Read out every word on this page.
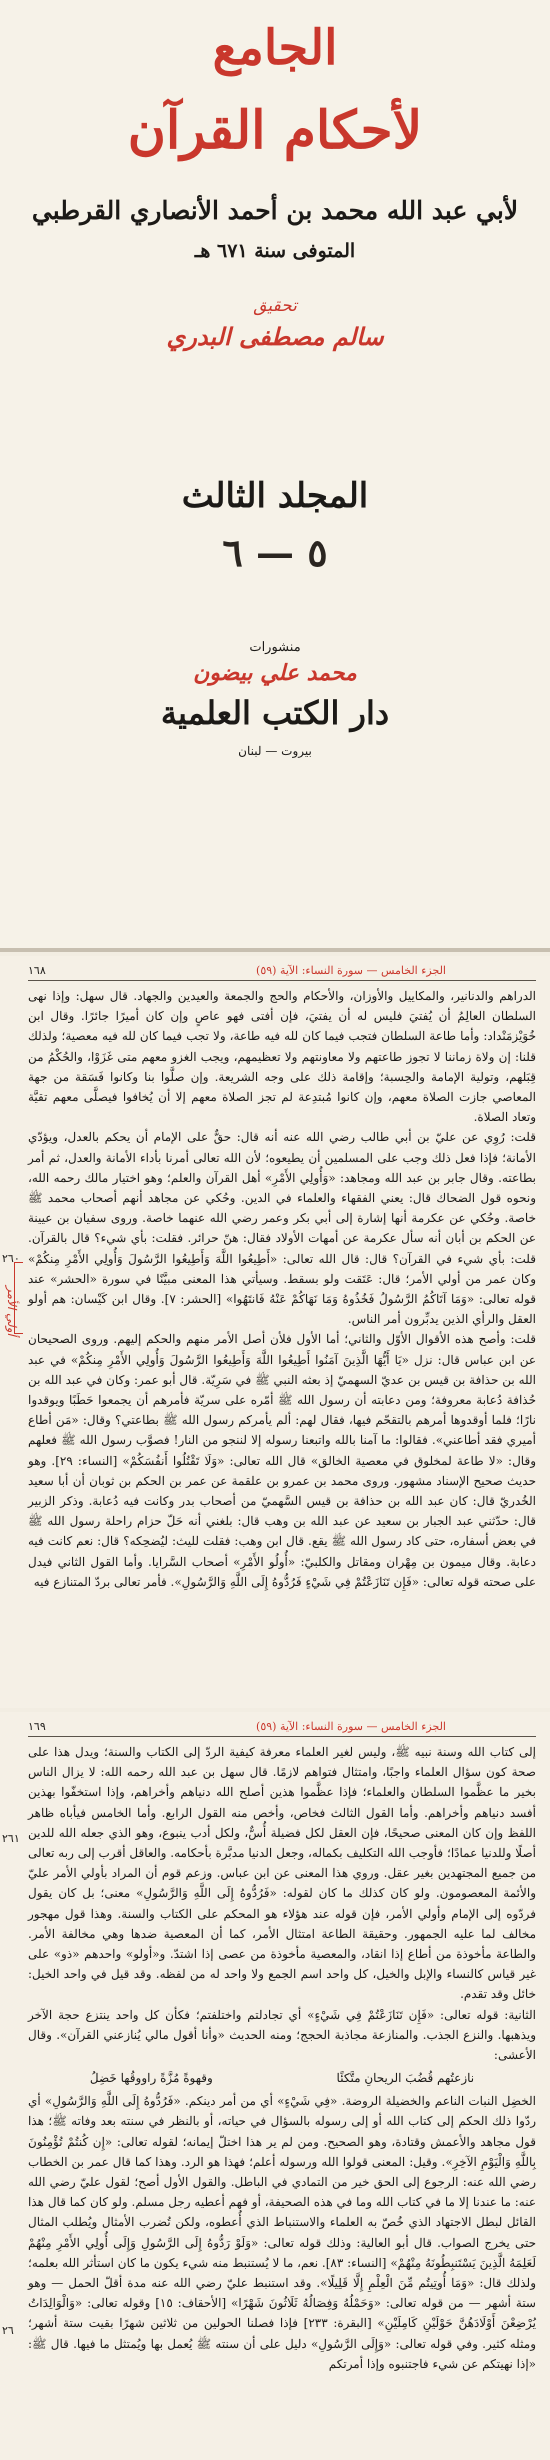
الجامع
لأحكام القرآن
لأبي عبد الله محمد بن أحمد الأنصاري القرطبي
المتوفى سنة ٦٧١ هـ
تحقيق
سالم مصطفى البدري
المجلد الثالث
٥ — ٦
منشورات
محمد علي بيضون
دار الكتب العلمية
بيروت — لبنان
الجزء الخامس — سورة النساء: الآية (٥٩)
١٦٨
٢٦٠
أولي الأمر

الدراهم والدنانير، والمكاييل والأوزان، والأحكام والحج والجمعة والعيدين والجهاد. قال سهل: وإذا نهى السلطان العالِمُ أن يُفتيَ فليس له أن يفتيَ، فإن أفتى فهو عاصٍ وإن كان أميرًا جائرًا. وقال ابن خُوَيْزمَنْداد: وأما طاعة السلطان فتجب فيما كان لله فيه طاعة، ولا تجب فيما كان لله فيه معصية؛ ولذلك قلنا: إن ولاة زماننا لا تجوز طاعتهم ولا معاونتهم ولا تعظيمهم، ويجب الغزو معهم متى غَزَوْا، والحُكْمُ من قِبَلهم، وتولية الإمامة والحِسبة؛ وإقامة ذلك على وجه الشريعة. وإن صلَّوا بنا وكانوا فَسَقة من جهة المعاصي جازت الصلاة معهم، وإن كانوا مُبتدِعة لم تجز الصلاة معهم إلا أن يُخافوا فيصلَّى معهم تقيَّة وتعاد الصلاة.

قلت: رُوِي عن عليّ بن أبي طالب رضي الله عنه أنه قال: حقٌّ على الإمام أن يحكم بالعدل، ويؤدّي الأمانة؛ فإذا فعل ذلك وجب على المسلمين أن يطيعوه؛ لأن الله تعالى أمرنا بأداء الأمانة والعدل، ثم أمر بطاعته. وقال جابر بن عبد الله ومجاهد: «وَأُولِي الأَمْرِ» أهل القرآن والعلم؛ وهو اختيار مالك رحمه الله، ونحوه قول الضحاك قال: يعني الفقهاء والعلماء في الدين. وحُكي عن مجاهد أنهم أصحاب محمد ﷺ خاصة. وحُكي عن عكرمة أنها إشارة إلى أبي بكر وعمر رضي الله عنهما خاصة. وروى سفيان بن عيينة عن الحكم بن أبان أنه سأل عكرمة عن أمهات الأولاد فقال: هنّ حرائر. فقلت: بأي شيء؟ قال بالقرآن. قلت: بأي شيء في القرآن؟ قال: قال الله تعالى: «أَطِيعُوا اللَّهَ وَأَطِيعُوا الرَّسُولَ وَأُولِي الأَمْرِ مِنكُمْ» وكان عمر من أولي الأمر؛ قال: عَتَقت ولو بسقط. وسيأتي هذا المعنى مبيَّنًا في سورة «الحشر» عند قوله تعالى: «وَمَا آتَاكُمُ الرَّسُولُ فَخُذُوهُ وَمَا نَهَاكُمْ عَنْهُ فَانتَهُوا» [الحشر: ٧]. وقال ابن كَيْسان: هم أولو العقل والرأي الذين يدبِّرون أمر الناس.

قلت: وأصح هذه الأقوال الأوّل والثاني؛ أما الأول فلأن أصل الأمر منهم والحكم إليهم. وروى الصحيحان عن ابن عباس قال: نزل «يَا أَيُّهَا الَّذِينَ آمَنُوا أَطِيعُوا اللَّهَ وَأَطِيعُوا الرَّسُولَ وَأُولِي الأَمْرِ مِنكُمْ» في عبد الله بن حذافة بن قيس بن عديّ السهميّ إذ بعثه النبي ﷺ في سَرِيّة. قال أبو عمر: وكان في عبد الله بن حُذافة دُعابة معروفة؛ ومن دعابته أن رسول الله ﷺ أمّره على سريّة فأمرهم أن يجمعوا حَطَبًا ويوقدوا نارًا؛ فلما أوقدوها أمرهم بالتقحّم فيها، فقال لهم: ألم يأمركم رسول الله ﷺ بطاعتي؟ وقال: «مَن أطاع أميري فقد أطاعني». فقالوا: ما آمنا بالله واتبعنا رسوله إلا لننجو من النار! فصوَّب رسول الله ﷺ فعلهم وقال: «لا طاعة لمخلوق في معصية الخالق» قال الله تعالى: «وَلَا تَقْتُلُوا أَنفُسَكُمْ» [النساء: ٢٩]. وهو حديث صحيح الإسناد مشهور. وروى محمد بن عمرو بن علقمة عن عمر بن الحكم بن ثوبان أن أبا سعيد الخُدريّ قال: كان عبد الله بن حذافة بن قيس السَّهميّ من أصحاب بدر وكانت فيه دُعابة. وذكر الزبير قال: حدّثني عبد الجبار بن سعيد عن عبد الله بن وهب قال: بلغني أنه حَلّ حزام راحلة رسول الله ﷺ في بعض أسفاره، حتى كاد رسول الله ﷺ يقع. قال ابن وهب: فقلت لليث: ليُضحِكه؟ قال: نعم كانت فيه دعابة. وقال ميمون بن مِهْران ومقاتل والكلبيّ: «أُولُو الأَمْرِ» أصحاب السَّرايا. وأما القول الثاني فيدل على صحته قوله تعالى: «فَإِن تَنَازَعْتُمْ فِي شَيْءٍ فَرُدُّوهُ إِلَى اللَّهِ وَالرَّسُولِ». فأمر تعالى بردّ المتنازع فيه

الجزء الخامس — سورة النساء: الآية (٥٩)
١٦٩
٢٦١
٢٦

إلى كتاب الله وسنة نبيه ﷺ، وليس لغير العلماء معرفة كيفية الردّ إلى الكتاب والسنة؛ ويدل هذا على صحة كون سؤال العلماء واجبًا، وامتثال فتواهم لازمًا. قال سهل بن عبد الله رحمه الله: لا يزال الناس بخير ما عظَّموا السلطان والعلماء؛ فإذا عظَّموا هذين أصلح الله دنياهم وأخراهم، وإذا استخفّوا بهذين أفسد دنياهم وأخراهم. وأما القول الثالث فخاص، وأخص منه القول الرابع. وأما الخامس فيأباه ظاهر اللفظ وإن كان المعنى صحيحًا، فإن العقل لكل فضيلة أُسٌّ، ولكل أدب ينبوع، وهو الذي جعله الله للدين أصلًا وللدنيا عمادًا؛ فأوجب الله التكليف بكماله، وجعل الدنيا مدبَّرة بأحكامه. والعاقل أقرب إلى ربه تعالى من جميع المجتهدين بغير عقل. وروي هذا المعنى عن ابن عباس. وزعم قوم أن المراد بأولي الأمر عليّ والأئمة المعصومون. ولو كان كذلك ما كان لقوله: «فَرُدُّوهُ إِلَى اللَّهِ وَالرَّسُولِ» معنى؛ بل كان يقول فردّوه إلى الإمام وأولي الأمر، فإن قوله عند هؤلاء هو المحكم على الكتاب والسنة. وهذا قول مهجور مخالف لما عليه الجمهور. وحقيقة الطاعة امتثال الأمر، كما أن المعصية ضدها وهي مخالفة الأمر. والطاعة مأخوذة من أطاع إذا انقاد، والمعصية مأخوذة من عصى إذا اشتدّ. و«أولو» واحدهم «ذو» على غير قياس كالنساء والإبل والخيل، كل واحد اسم الجمع ولا واحد له من لفظه. وقد قيل في واحد الخيل: خائل وقد تقدم.

الثانية: قوله تعالى: «فَإِن تَنَازَعْتُمْ فِي شَيْءٍ» أي تجادلتم واختلفتم؛ فكأن كل واحد ينتزع حجة الآخر ويذهبها. والنزع الجذب. والمنازعة مجاذبة الحجج؛ ومنه الحديث «وأنا أقول مالي يُنازعني القرآن». وقال الأعشى:

نازعتُهم قُضُبَ الريحانِ متَّكئًا
وقهوةً مُزَّةً راووقُها خَضِلُ

الخضِل النبات الناعم والخضيلة الروضة. «فِي شَيْءٍ» أي من أمر دينكم. «فَرُدُّوهُ إِلَى اللَّهِ وَالرَّسُولِ» أي ردّوا ذلك الحكم إلى كتاب الله أو إلى رسوله بالسؤال في حياته، أو بالنظر في سنته بعد وفاته ﷺ؛ هذا قول مجاهد والأعمش وقتادة، وهو الصحيح. ومن لم ير هذا اختلّ إيمانه؛ لقوله تعالى: «إِن كُنتُمْ تُؤْمِنُونَ بِاللَّهِ وَالْيَوْمِ الآخِرِ». وقيل: المعنى قولوا الله ورسوله أعلم؛ فهذا هو الرد. وهذا كما قال عمر بن الخطاب رضي الله عنه: الرجوع إلى الحق خير من التمادي في الباطل. والقول الأول أصح؛ لقول عليّ رضي الله عنه: ما عندنا إلا ما في كتاب الله وما في هذه الصحيفة، أو فهم أعطيه رجل مسلم. ولو كان كما قال هذا القائل لبطل الاجتهاد الذي خُصّ به العلماء والاستنباط الذي أُعطوه، ولكن تُضرب الأمثال ويُطلب المثال حتى يخرج الصواب. قال أبو العالية: وذلك قوله تعالى: «وَلَوْ رَدُّوهُ إِلَى الرَّسُولِ وَإِلَى أُولِي الأَمْرِ مِنْهُمْ لَعَلِمَهُ الَّذِينَ يَسْتَنبِطُونَهُ مِنْهُمْ» [النساء: ٨٣]. نعم، ما لا يُستنبط منه شيء يكون ما كان استأثر الله بعلمه؛ ولذلك قال: «وَمَا أُوتِيتُم مِّنَ الْعِلْمِ إِلَّا قَلِيلًا». وقد استنبط عليّ رضي الله عنه مدة أقلّ الحمل — وهو ستة أشهر — من قوله تعالى: «وَحَمْلُهُ وَفِصَالُهُ ثَلَاثُونَ شَهْرًا» [الأحقاف: ١٥] وقوله تعالى: «وَالْوَالِدَاتُ يُرْضِعْنَ أَوْلَادَهُنَّ حَوْلَيْنِ كَامِلَيْنِ» [البقرة: ٢٣٣] فإذا فصلنا الحولين من ثلاثين شهرًا بقيت ستة أشهر؛ ومثله كثير. وفي قوله تعالى: «وَإِلَى الرَّسُولِ» دليل على أن سنته ﷺ يُعمل بها ويُمتثل ما فيها. قال ﷺ: «إذا نهيتكم عن شيء فاجتنبوه وإذا أمرتكم
